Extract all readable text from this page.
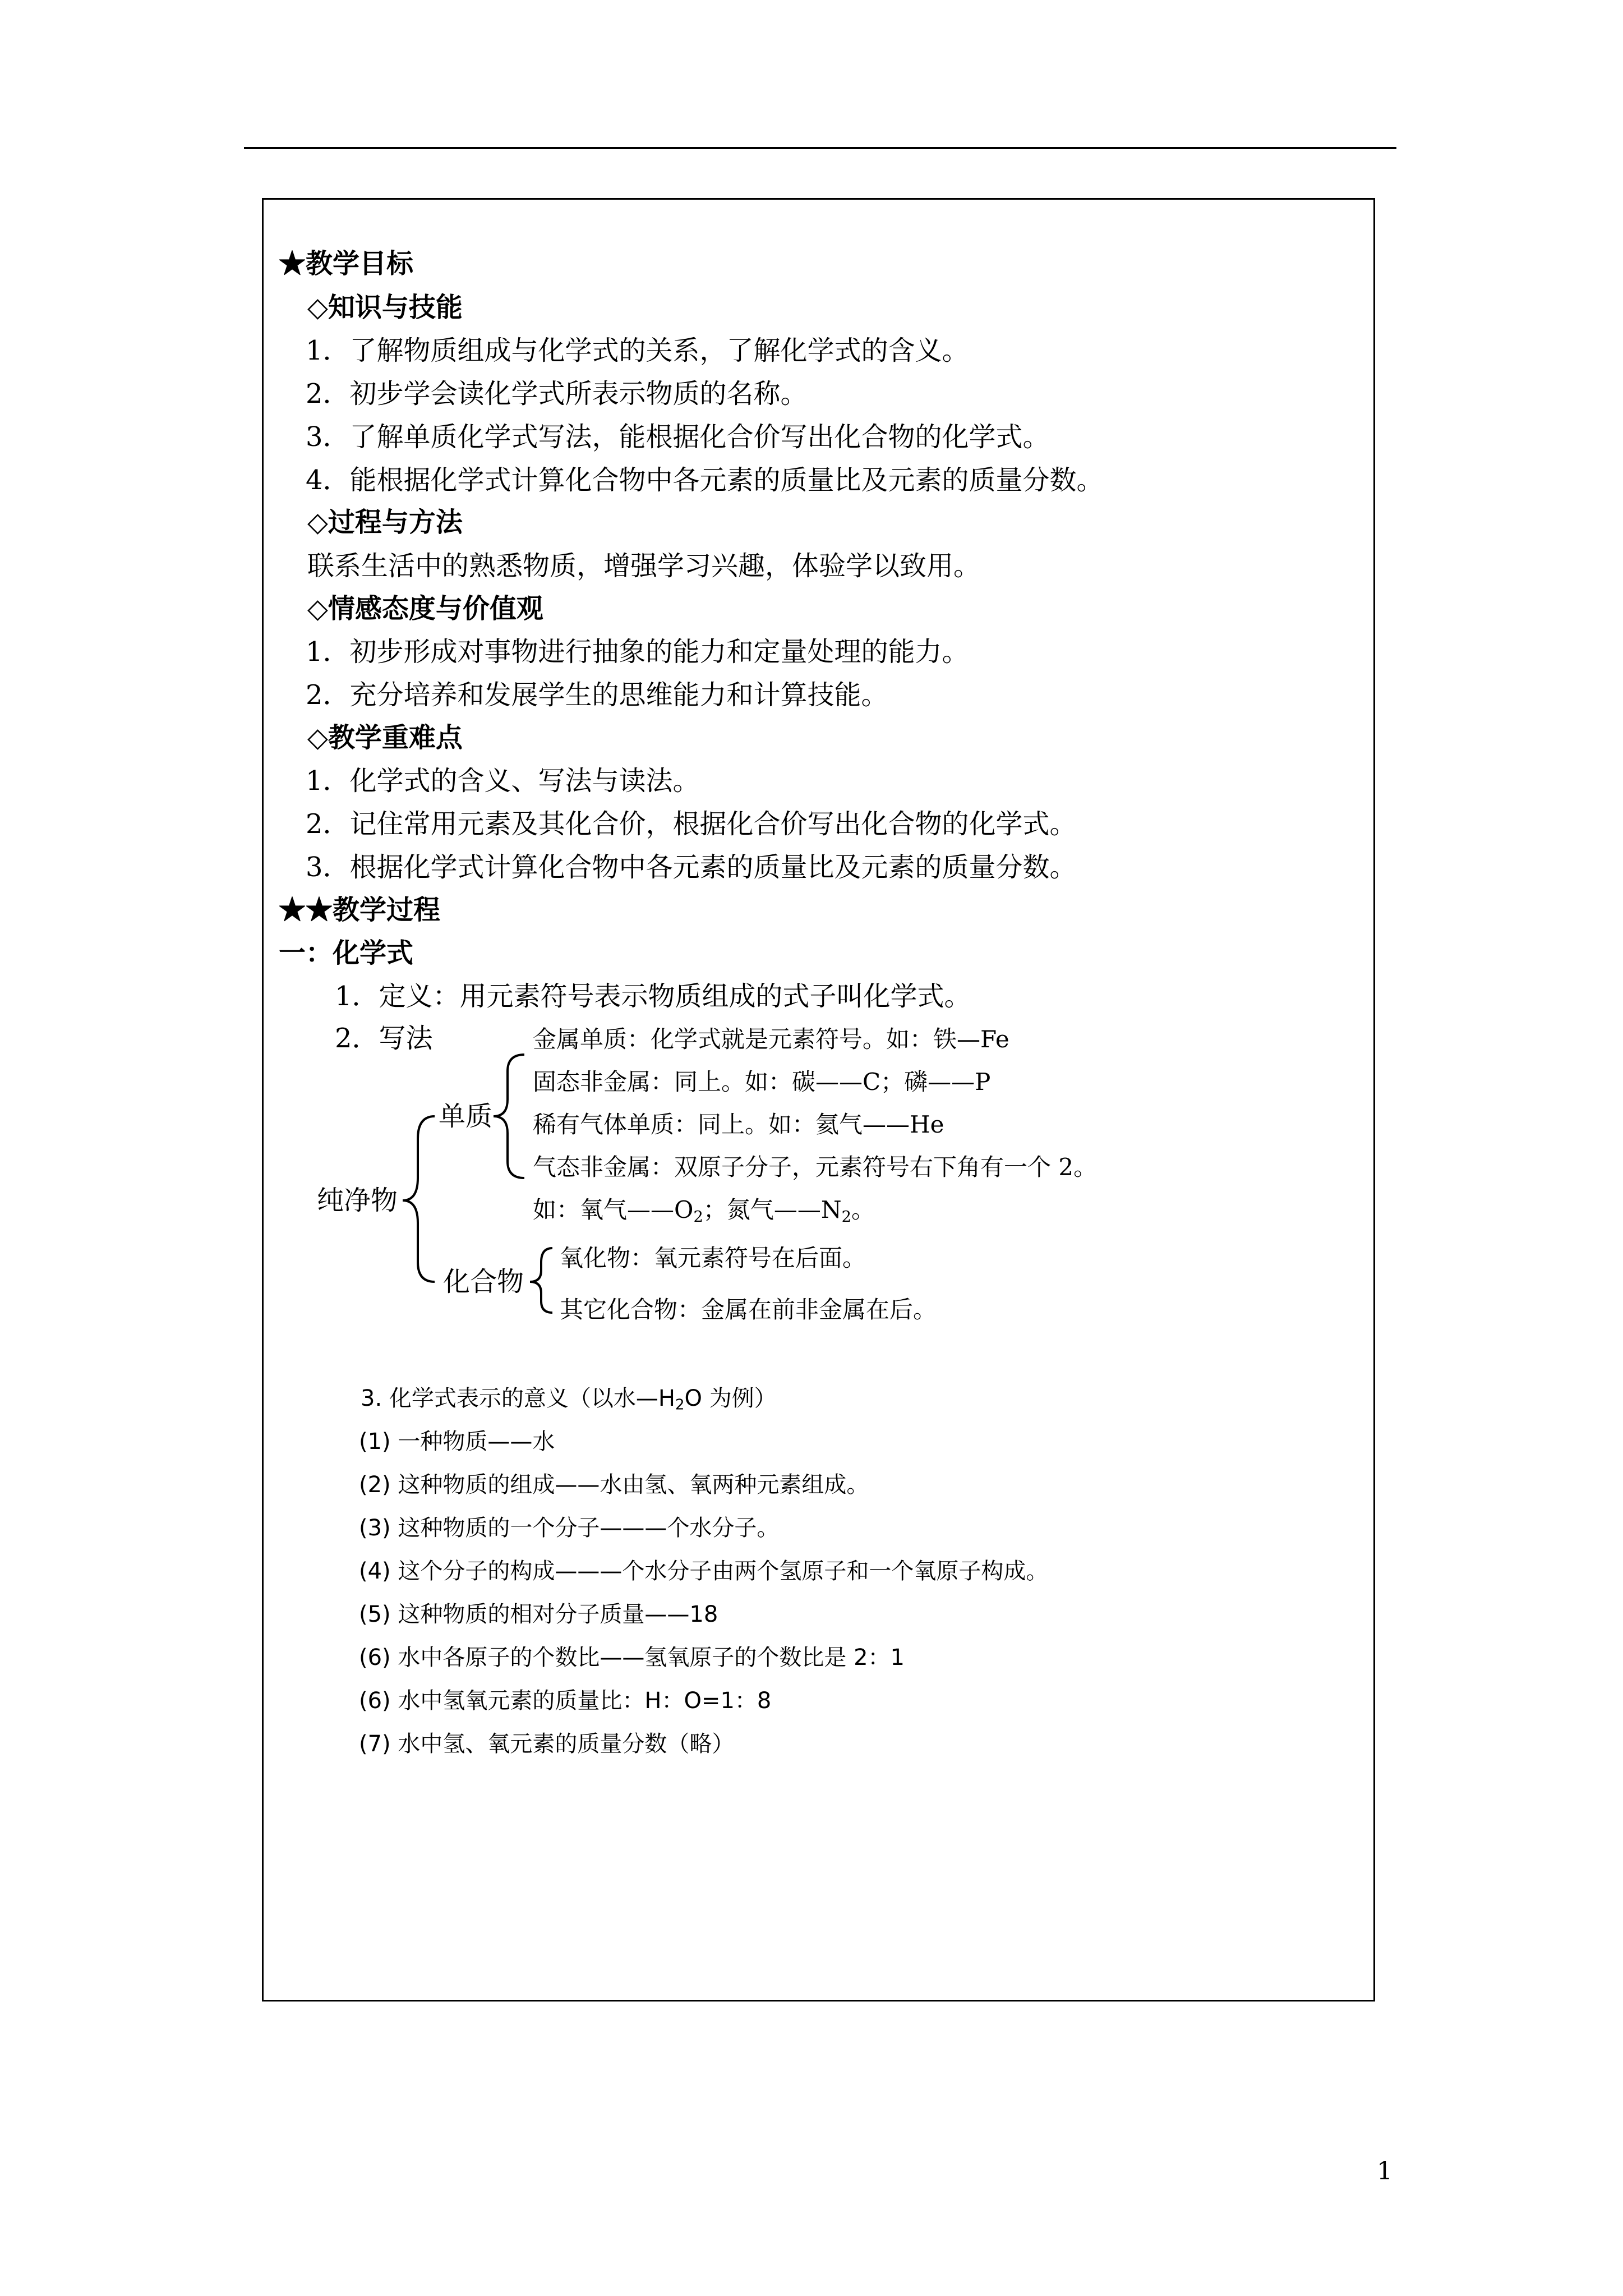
★教学目标
◇知识与技能
1．了解物质组成与化学式的关系，了解化学式的含义。
2．初步学会读化学式所表示物质的名称。
3．了解单质化学式写法，能根据化合价写出化合物的化学式。
4．能根据化学式计算化合物中各元素的质量比及元素的质量分数。
◇过程与方法
联系生活中的熟悉物质，增强学习兴趣，体验学以致用。
◇情感态度与价值观
1．初步形成对事物进行抽象的能力和定量处理的能力。
2．充分培养和发展学生的思维能力和计算技能。
◇教学重难点
1．化学式的含义、写法与读法。
2．记住常用元素及其化合价，根据化合价写出化合物的化学式。
3．根据化学式计算化合物中各元素的质量比及元素的质量分数。
★★教学过程
一：化学式
1．定义：用元素符号表示物质组成的式子叫化学式。
2．写法
纯净物
单质
化合物
金属单质：化学式就是元素符号。如：铁—Fe
固态非金属：同上。如：碳——C；磷——P
稀有气体单质：同上。如：氦气——He
气态非金属：双原子分子，元素符号右下角有一个 2。
如：氧气$——O_2$；氮气$——N_2$。
氧化物：氧元素符号在后面。
其它化合物：金属在前非金属在后。
3. 化学式表示的意义（以水$—H_2O$ 为例）
(1) 一种物质——水
(2) 这种物质的组成——水由氢、氧两种元素组成。
(3) 这种物质的一个分子———个水分子。
(4) 这个分子的构成———个水分子由两个氢原子和一个氧原子构成。
(5) 这种物质的相对分子质量——18
(6) 水中各原子的个数比——氢氧原子的个数比是 2：1
(6) 水中氢氧元素的质量比：H：O=1：8
(7) 水中氢、氧元素的质量分数（略）
1
